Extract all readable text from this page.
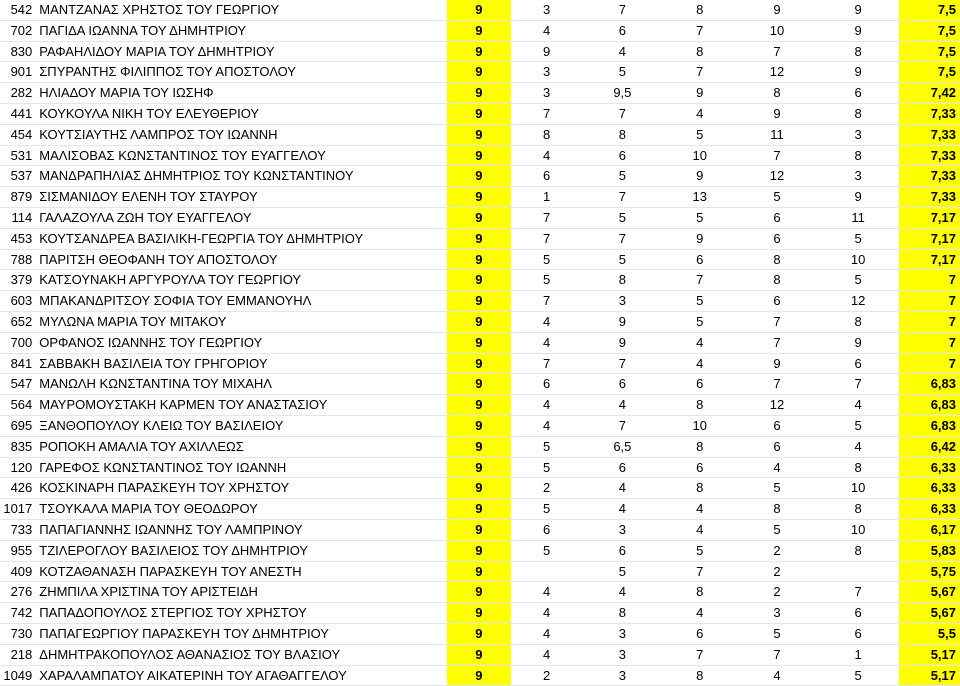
542	ΜΑΝΤΖΑΝΑΣ ΧΡΗΣΤΟΣ ΤΟΥ ΓΕΩΡΓΙΟΥ	9	3	7	8	9	9	7,5
702	ΠΑΓΙΔΑ ΙΩΑΝΝΑ ΤΟΥ ΔΗΜΗΤΡΙΟΥ	9	4	6	7	10	9	7,5
830	ΡΑΦΑΗΛΙΔΟΥ ΜΑΡΙΑ ΤΟΥ ΔΗΜΗΤΡΙΟΥ	9	9	4	8	7	8	7,5
901	ΣΠΥΡΑΝΤΗΣ ΦΙΛΙΠΠΟΣ ΤΟΥ ΑΠΟΣΤΟΛΟΥ	9	3	5	7	12	9	7,5
282	ΗΛΙΑΔΟΥ ΜΑΡΙΑ ΤΟΥ ΙΩΣΗΦ	9	3	9,5	9	8	6	7,42
441	ΚΟΥΚΟΥΛΑ ΝΙΚΗ ΤΟΥ ΕΛΕΥΘΕΡΙΟΥ	9	7	7	4	9	8	7,33
454	ΚΟΥΤΣΙΑΥΤΗΣ ΛΑΜΠΡΟΣ ΤΟΥ ΙΩΑΝΝΗ	9	8	8	5	11	3	7,33
531	ΜΑΛΙΣΟΒΑΣ ΚΩΝΣΤΑΝΤΙΝΟΣ ΤΟΥ ΕΥΑΓΓΕΛΟΥ	9	4	6	10	7	8	7,33
537	ΜΑΝΔΡΑΠΗΛΙΑΣ ΔΗΜΗΤΡΙΟΣ ΤΟΥ ΚΩΝΣΤΑΝΤΙΝΟΥ	9	6	5	9	12	3	7,33
879	ΣΙΣΜΑΝΙΔΟΥ ΕΛΕΝΗ ΤΟΥ ΣΤΑΥΡΟΥ	9	1	7	13	5	9	7,33
114	ΓΑΛΑΖΟΥΛΑ ΖΩΗ ΤΟΥ ΕΥΑΓΓΕΛΟΥ	9	7	5	5	6	11	7,17
453	ΚΟΥΤΣΑΝΔΡΕΑ ΒΑΣΙΛΙΚΗ-ΓΕΩΡΓΙΑ ΤΟΥ ΔΗΜΗΤΡΙΟΥ	9	7	7	9	6	5	7,17
788	ΠΑΡΙΤΣΗ ΘΕΟΦΑΝΗ ΤΟΥ ΑΠΟΣΤΟΛΟΥ	9	5	5	6	8	10	7,17
379	ΚΑΤΣΟΥΝΑΚΗ ΑΡΓΥΡΟΥΛΑ ΤΟΥ ΓΕΩΡΓΙΟΥ	9	5	8	7	8	5	7
603	ΜΠΑΚΑΝΔΡΙΤΣΟΥ ΣΟΦΙΑ ΤΟΥ ΕΜΜΑΝΟΥΗΛ	9	7	3	5	6	12	7
652	ΜΥΛΩΝΑ ΜΑΡΙΑ ΤΟΥ ΜΙΤΑΚΟΥ	9	4	9	5	7	8	7
700	ΟΡΦΑΝΟΣ ΙΩΑΝΝΗΣ ΤΟΥ ΓΕΩΡΓΙΟΥ	9	4	9	4	7	9	7
841	ΣΑΒΒΑΚΗ ΒΑΣΙΛΕΙΑ ΤΟΥ ΓΡΗΓΟΡΙΟΥ	9	7	7	4	9	6	7
547	ΜΑΝΩΛΗ ΚΩΝΣΤΑΝΤΙΝΑ ΤΟΥ ΜΙΧΑΗΛ	9	6	6	6	7	7	6,83
564	ΜΑΥΡΟΜΟΥΣΤΑΚΗ ΚΑΡΜΕΝ ΤΟΥ ΑΝΑΣΤΑΣΙΟΥ	9	4	4	8	12	4	6,83
695	ΞΑΝΘΟΠΟΥΛΟΥ ΚΛΕΙΩ ΤΟΥ ΒΑΣΙΛΕΙΟΥ	9	4	7	10	6	5	6,83
835	ΡΟΠΟΚΗ ΑΜΑΛΙΑ ΤΟΥ ΑΧΙΛΛΕΩΣ	9	5	6,5	8	6	4	6,42
120	ΓΑΡΕΦΟΣ ΚΩΝΣΤΑΝΤΙΝΟΣ ΤΟΥ ΙΩΑΝΝΗ	9	5	6	6	4	8	6,33
426	ΚΟΣΚΙΝΑΡΗ ΠΑΡΑΣΚΕΥΗ ΤΟΥ ΧΡΗΣΤΟΥ	9	2	4	8	5	10	6,33
1017	ΤΣΟΥΚΑΛΑ ΜΑΡΙΑ ΤΟΥ ΘΕΟΔΩΡΟΥ	9	5	4	4	8	8	6,33
733	ΠΑΠΑΓΙΑΝΝΗΣ ΙΩΑΝΝΗΣ ΤΟΥ ΛΑΜΠΡΙΝΟΥ	9	6	3	4	5	10	6,17
955	ΤΖΙΛΕΡΟΓΛΟΥ ΒΑΣΙΛΕΙΟΣ ΤΟΥ ΔΗΜΗΤΡΙΟΥ	9	5	6	5	2	8	5,83
409	ΚΟΤΖΑΘΑΝΑΣΗ ΠΑΡΑΣΚΕΥΗ ΤΟΥ ΑΝΕΣΤΗ	9		5	7	2		5,75
276	ΖΗΜΠΙΛΑ ΧΡΙΣΤΙΝΑ ΤΟΥ ΑΡΙΣΤΕΙΔΗ	9	4	4	8	2	7	5,67
742	ΠΑΠΑΔΟΠΟΥΛΟΣ ΣΤΕΡΓΙΟΣ ΤΟΥ ΧΡΗΣΤΟΥ	9	4	8	4	3	6	5,67
730	ΠΑΠΑΓΕΩΡΓΙΟΥ ΠΑΡΑΣΚΕΥΗ ΤΟΥ ΔΗΜΗΤΡΙΟΥ	9	4	3	6	5	6	5,5
218	ΔΗΜΗΤΡΑΚΟΠΟΥΛΟΣ ΑΘΑΝΑΣΙΟΣ ΤΟΥ ΒΛΑΣΙΟΥ	9	4	3	7	7	1	5,17
1049	ΧΑΡΑΛΑΜΠΑΤΟΥ ΑΙΚΑΤΕΡΙΝΗ ΤΟΥ ΑΓΑΘΑΓΓΕΛΟΥ	9	2	3	8	4	5	5,17
